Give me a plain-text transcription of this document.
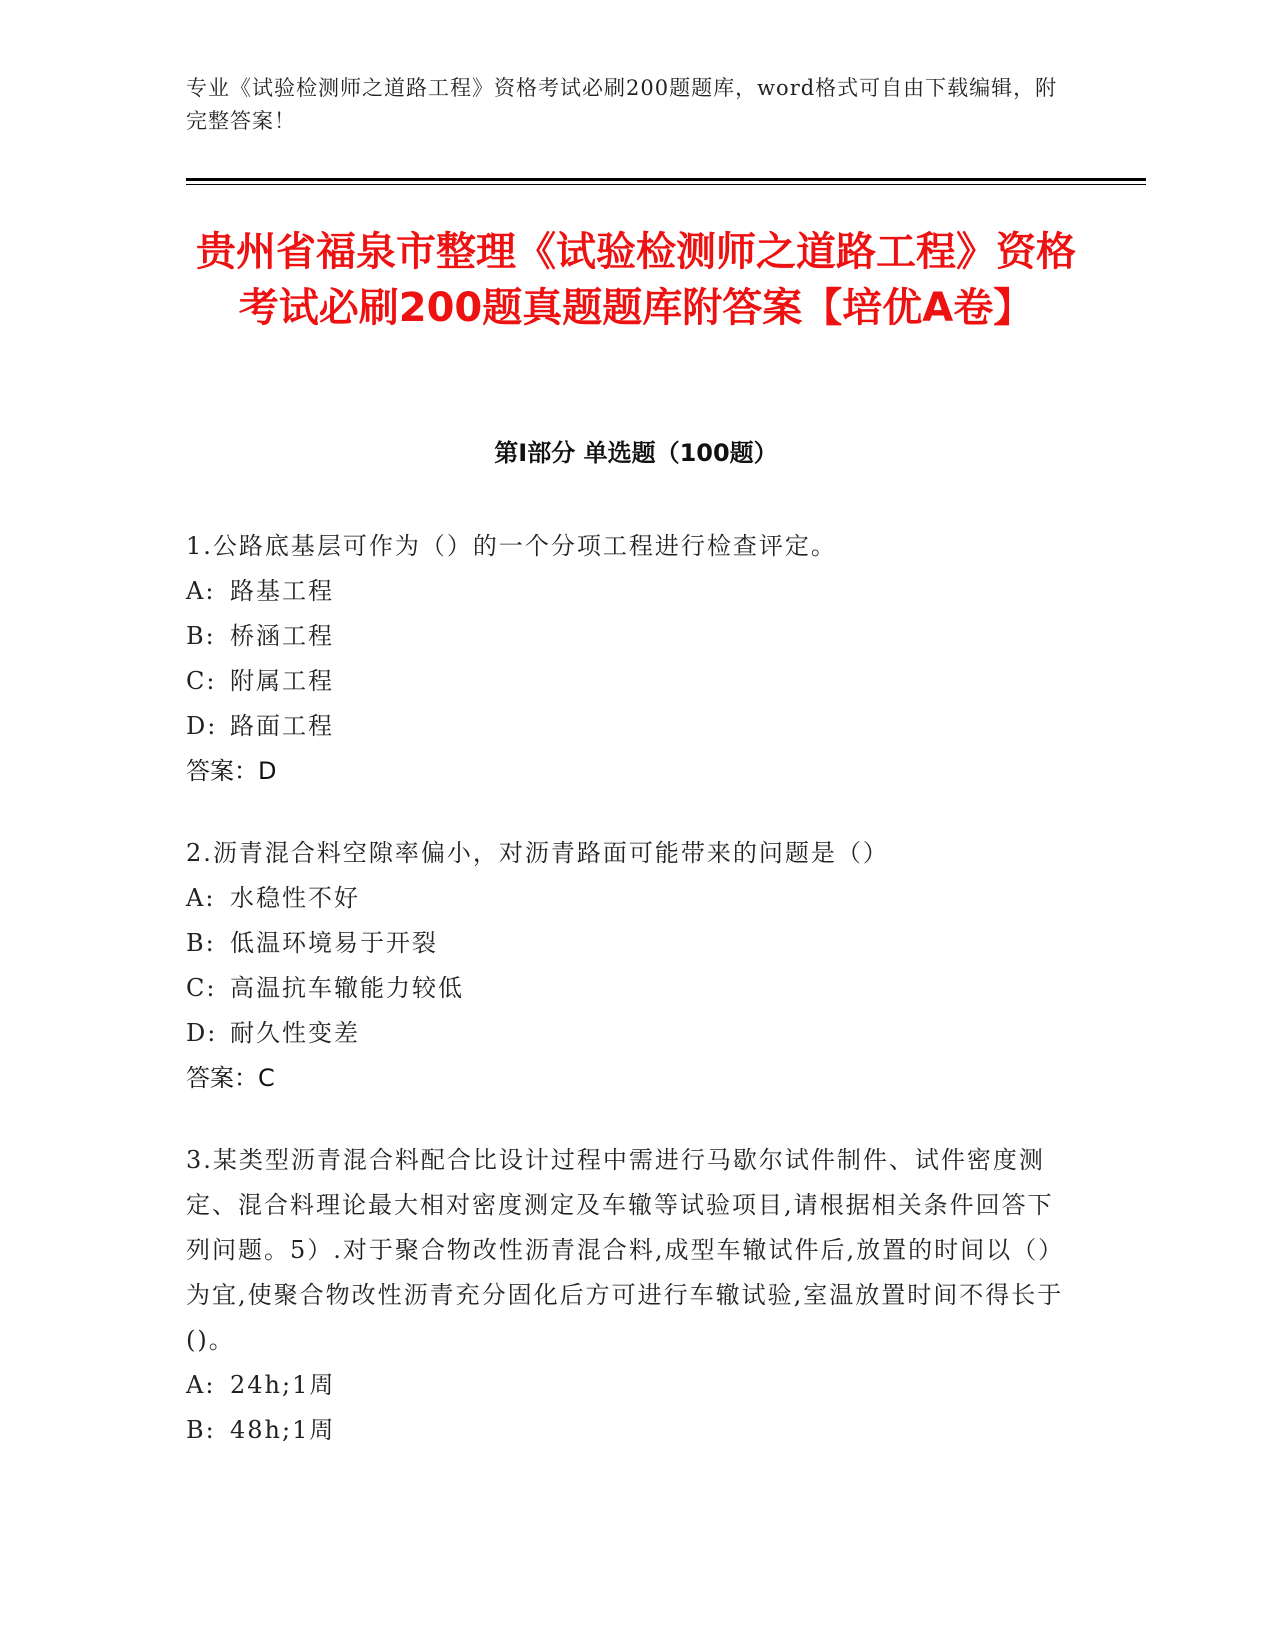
专业《试验检测师之道路工程》资格考试必刷200题题库，word格式可自由下载编辑，附完整答案！
贵州省福泉市整理《试验检测师之道路工程》资格考试必刷200题真题题库附答案【培优A卷】
第I部分 单选题（100题）

1.公路底基层可作为（）的一个分项工程进行检查评定。

A: 路基工程

B: 桥涵工程

C: 附属工程

D: 路面工程

答案：D

2.沥青混合料空隙率偏小，对沥青路面可能带来的问题是（）

A: 水稳性不好

B: 低温环境易于开裂

C: 高温抗车辙能力较低

D: 耐久性变差

答案：C

3.某类型沥青混合料配合比设计过程中需进行马歇尔试件制件、试件密度测定、混合料理论最大相对密度测定及车辙等试验项目,请根据相关条件回答下列问题。5）.对于聚合物改性沥青混合料,成型车辙试件后,放置的时间以（）为宜,使聚合物改性沥青充分固化后方可进行车辙试验,室温放置时间不得长于()。

A: 24h;1周

B: 48h;1周
